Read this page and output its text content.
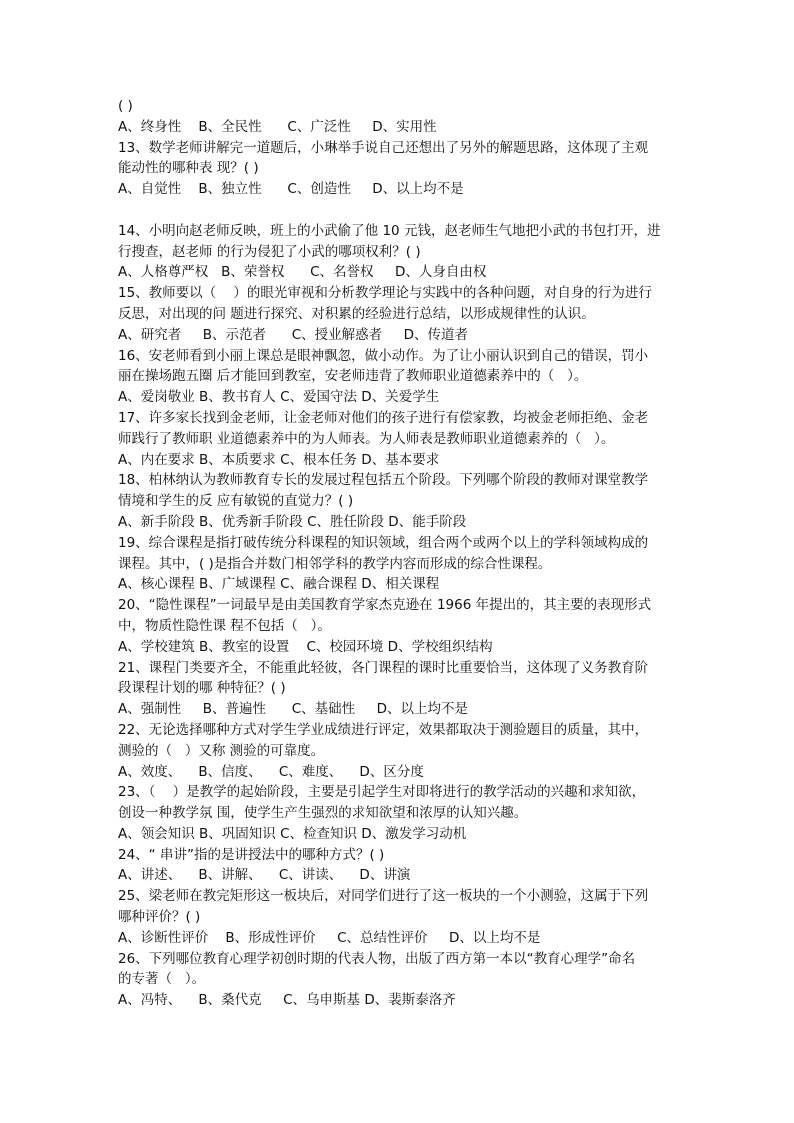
( )
A、终身性    B、全民性      C、广泛性     D、实用性
13、数学老师讲解完一道题后，小琳举手说自己还想出了另外的解题思路，这体现了主观
能动性的哪种表 现？( )
A、自觉性    B、独立性      C、创造性     D、以上均不是
14、小明向赵老师反映，班上的小武偷了他 10 元钱，赵老师生气地把小武的书包打开，进
行搜查，赵老师 的行为侵犯了小武的哪项权利？( )
A、人格尊严权   B、荣誉权      C、名誉权     D、人身自由权
15、教师要以（    ）的眼光审视和分析教学理论与实践中的各种问题，对自身的行为进行
反思，对出现的问 题进行探究、对积累的经验进行总结，以形成规律性的认识。
A、研究者     B、示范者      C、授业解惑者     D、传道者
16、安老师看到小丽上课总是眼神飘忽，做小动作。为了让小丽认识到自己的错误，罚小
丽在操场跑五圈 后才能回到教室，安老师违背了教师职业道德素养中的（   ）。
A、爱岗敬业 B、教书育人 C、爱国守法 D、关爱学生
17、许多家长找到金老师，让金老师对他们的孩子进行有偿家教，均被金老师拒绝、金老
师践行了教师职 业道德素养中的为人师表。为人师表是教师职业道德素养的（   ）。
A、内在要求 B、本质要求 C、根本任务 D、基本要求
18、柏林纳认为教师教育专长的发展过程包括五个阶段。下列哪个阶段的教师对课堂教学
情境和学生的反 应有敏锐的直觉力？( )
A、新手阶段 B、优秀新手阶段 C、胜任阶段 D、能手阶段
19、综合课程是指打破传统分科课程的知识领域，组合两个或两个以上的学科领域构成的
课程。其中，( )是指合并数门相邻学科的教学内容而形成的综合性课程。
A、核心课程 B、广域课程 C、融合课程 D、相关课程
20、“隐性课程”一词最早是由美国教育学家杰克逊在 1966 年提出的，其主要的表现形式
中，物质性隐性课 程不包括（   ）。
A、学校建筑 B、教室的设置    C、校园环境 D、学校组织结构
21、课程门类要齐全，不能重此轻彼，各门课程的课时比重要恰当，这体现了义务教育阶
段课程计划的哪 种特征？( )
A、强制性     B、普遍性      C、基础性     D、以上均不是
22、无论选择哪种方式对学生学业成绩进行评定，效果都取决于测验题目的质量，其中，
测验的（   ）又称 测验的可靠度。
A、效度、    B、信度、    C、难度、    D、区分度
23、（    ）是教学的起始阶段，主要是引起学生对即将进行的教学活动的兴趣和求知欲，
创设一种教学氛 围，使学生产生强烈的求知欲望和浓厚的认知兴趣。
A、领会知识 B、巩固知识 C、检查知识 D、激发学习动机
24、“ 串讲”指的是讲授法中的哪种方式？( )
A、讲述、    B、讲解、    C、讲读、    D、讲演
25、梁老师在教完矩形这一板块后，对同学们进行了这一板块的一个小测验，这属于下列
哪种评价？( )
A、诊断性评价    B、形成性评价     C、总结性评价     D、以上均不是
26、下列哪位教育心理学初创时期的代表人物，出版了西方第一本以“教育心理学”命名
的专著（   ）。
A、冯特、    B、桑代克     C、乌申斯基 D、裴斯泰洛齐
